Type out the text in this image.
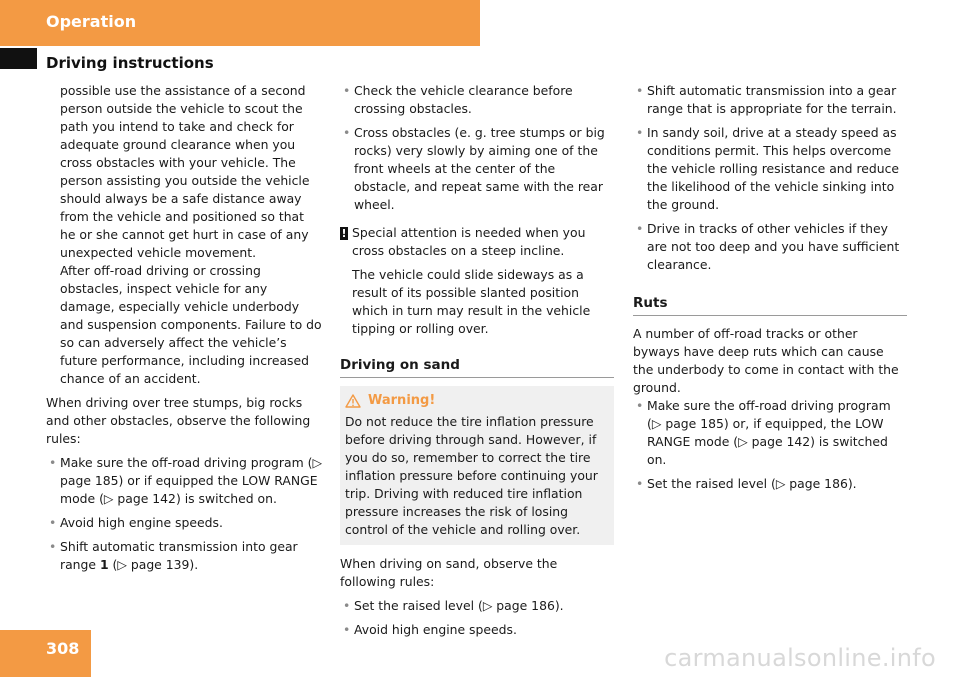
Operation
Driving instructions

possible use the assistance of a second person outside the vehicle to scout the path you intend to take and check for adequate ground clearance when you cross obstacles with your vehicle. The person assisting you outside the vehicle should always be a safe distance away from the vehicle and positioned so that he or she cannot get hurt in case of any unexpected vehicle movement.

After off-road driving or crossing obstacles, inspect vehicle for any damage, especially vehicle underbody and suspension components. Failure to do so can adversely affect the vehicle’s future performance, including increased chance of an accident.

When driving over tree stumps, big rocks and other obstacles, observe the following rules:

• Make sure the off-road driving program (▷ page 185) or if equipped the LOW RANGE mode (▷ page 142) is switched on.
• Avoid high engine speeds.
• Shift automatic transmission into gear range 1 (▷ page 139).
• Check the vehicle clearance before crossing obstacles.
• Cross obstacles (e. g. tree stumps or big rocks) very slowly by aiming one of the front wheels at the center of the obstacle, and repeat same with the rear wheel.
! Special attention is needed when you cross obstacles on a steep incline.

The vehicle could slide sideways as a result of its possible slanted position which in turn may result in the vehicle tipping or rolling over.

Driving on sand
Warning!

Do not reduce the tire inflation pressure before driving through sand. However, if you do so, remember to correct the tire inflation pressure before continuing your trip. Driving with reduced tire inflation pressure increases the risk of losing control of the vehicle and rolling over.

When driving on sand, observe the following rules:

• Set the raised level (▷ page 186).
• Avoid high engine speeds.
• Shift automatic transmission into a gear range that is appropriate for the terrain.
• In sandy soil, drive at a steady speed as conditions permit. This helps overcome the vehicle rolling resistance and reduce the likelihood of the vehicle sinking into the ground.
• Drive in tracks of other vehicles if they are not too deep and you have sufficient clearance.
Ruts

A number of off-road tracks or other byways have deep ruts which can cause the underbody to come in contact with the ground.

• Make sure the off-road driving program (▷ page 185) or, if equipped, the LOW RANGE mode (▷ page 142) is switched on.
• Set the raised level (▷ page 186).
308	carmanualsonline.info
